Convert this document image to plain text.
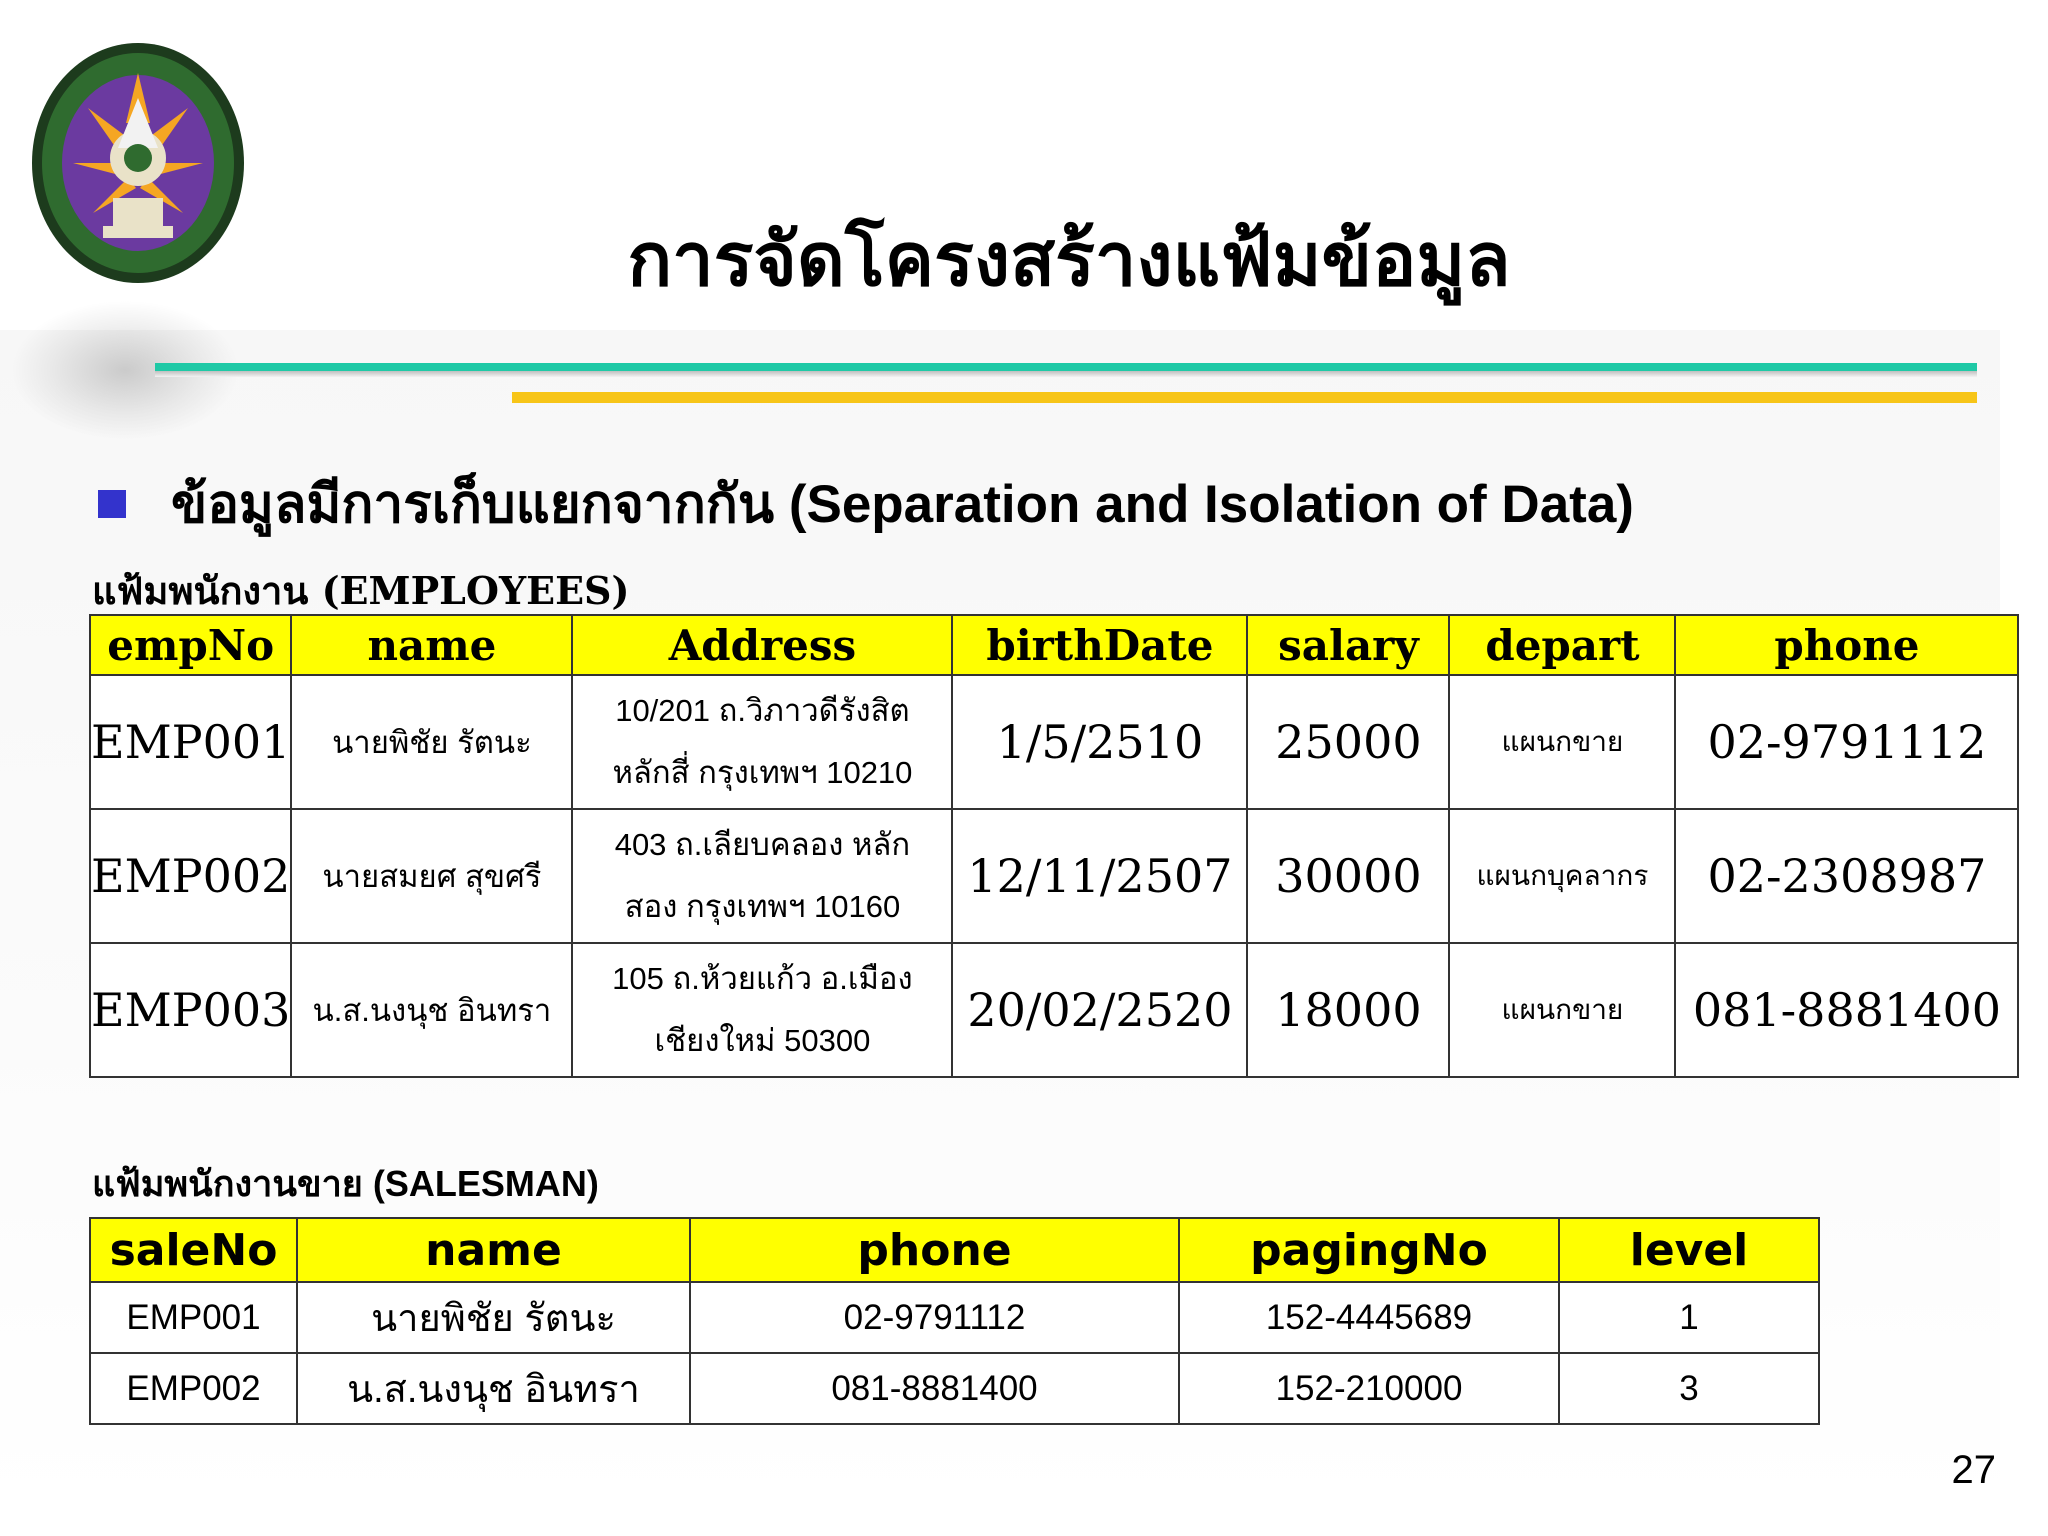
การจัดโครงสร้างแฟ้มข้อมูล
ข้อมูลมีการเก็บแยกจากกัน (Separation and Isolation of Data)
แฟ้มพนักงาน (EMPLOYEES)
empNo	name	Address	birthDate	salary	depart	phone
EMP001	นายพิชัย รัตนะ	10/201 ถ.วิภาวดีรังสิต
หลักสี่ กรุงเทพฯ 10210	1/5/2510	25000	แผนกขาย	02-9791112
EMP002	นายสมยศ สุขศรี	403 ถ.เลียบคลอง หลัก
สอง กรุงเทพฯ 10160	12/11/2507	30000	แผนกบุคลากร	02-2308987
EMP003	น.ส.นงนุช อินทรา	105 ถ.ห้วยแก้ว อ.เมือง
เชียงใหม่ 50300	20/02/2520	18000	แผนกขาย	081-8881400
แฟ้มพนักงานขาย (SALESMAN)
saleNo	name	phone	pagingNo	level
EMP001	นายพิชัย รัตนะ	02-9791112	152-4445689	1
EMP002	น.ส.นงนุช อินทรา	081-8881400	152-210000	3
27
